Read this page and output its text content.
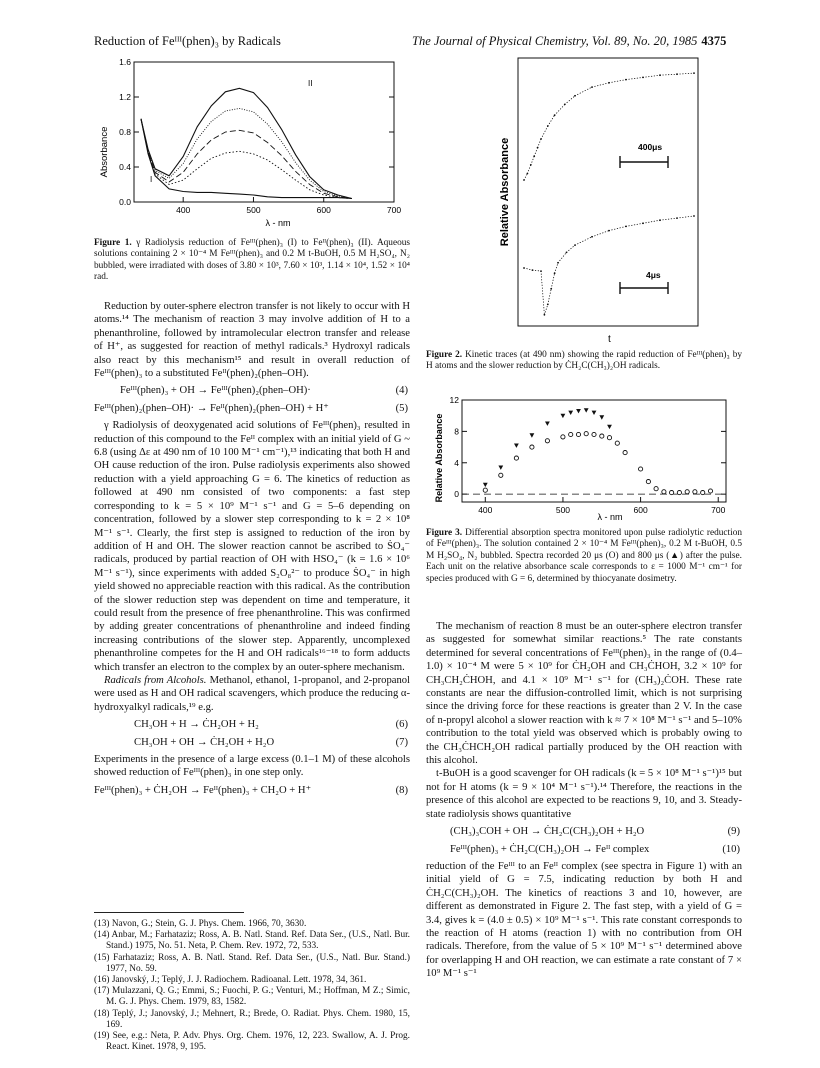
Reduction of Feᴵᴵᴵ(phen)₃ by Radicals	The Journal of Physical Chemistry, Vol. 89, No. 20, 1985 4375
0.0
0.4
0.8
1.2
1.6
400	500	600	700
Absorbance
λ - nm
I
II
Figure 1. γ Radiolysis reduction of Feᴵᴵᴵ(phen)₃ (I) to Feᴵᴵ(phen)₃ (II). Aqueous solutions containing 2 × 10⁻⁴ M Feᴵᴵᴵ(phen)₃ and 0.2 M t-BuOH, 0.5 M H₂SO₄, N₂ bubbled, were irradiated with doses of 3.80 × 10³, 7.60 × 10³, 1.14 × 10⁴, 1.52 × 10⁴ rad.

Reduction by outer-sphere electron transfer is not likely to occur with H atoms.¹⁴ The mechanism of reaction 3 may involve addition of H to a phenanthroline, followed by intramolecular electron transfer and release of H⁺, as suggested for reaction of methyl radicals.³ Hydroxyl radicals also react by this mechanism¹⁵ and result in overall reduction of Feᴵᴵᴵ(phen)₃ to a substituted Feᴵᴵ(phen)₂(phen–OH).

Feᴵᴵᴵ(phen)₃ + OH → Feᴵᴵᴵ(phen)₂(phen–OH)·	(4)
Feᴵᴵᴵ(phen)₂(phen–OH)· → Feᴵᴵ(phen)₂(phen–OH) + H⁺	(5)

γ Radiolysis of deoxygenated acid solutions of Feᴵᴵᴵ(phen)₃ resulted in reduction of this compound to the Feᴵᴵ complex with an initial yield of G ~ 6.8 (using Δε at 490 nm of 10 100 M⁻¹ cm⁻¹),¹³ indicating that both H and OH cause reduction of the iron. Pulse radiolysis experiments also showed reduction with a yield approaching G = 6. The kinetics of reduction as followed at 490 nm consisted of two components: a fast step corresponding to k = 5 × 10⁹ M⁻¹ s⁻¹ and G = 5–6 depending on concentration, followed by a slower step corresponding to k = 2 × 10⁸ M⁻¹ s⁻¹. Clearly, the first step is assigned to reduction of the iron by addition of H and OH. The slower reaction cannot be ascribed to ṠO₄⁻ radicals, produced by partial reaction of OH with HSO₄⁻ (k = 1.6 × 10⁶ M⁻¹ s⁻¹), since experiments with added S₂O₈²⁻ to produce ṠO₄⁻ in high yield showed no appreciable reaction with this radical. As the contribution of the slower reduction step was dependent on time and temperature, it could result from the presence of free phenanthroline. This was confirmed by adding greater concentrations of phenanthroline and indeed finding increasing contributions of the slower step. Apparently, uncomplexed phenanthroline competes for the H and OH radicals¹⁶⁻¹⁸ to form adducts which transfer an electron to the complex by an outer-sphere mechanism.

Radicals from Alcohols. Methanol, ethanol, 1-propanol, and 2-propanol were used as H and OH radical scavengers, which produce the reducing α-hydroxyalkyl radicals,¹⁹ e.g.

CH₃OH + H → ĊH₂OH + H₂	(6)
CH₃OH + OH → ĊH₂OH + H₂O	(7)

Experiments in the presence of a large excess (0.1–1 M) of these alcohols showed reduction of Feᴵᴵᴵ(phen)₃ in one step only.

Feᴵᴵᴵ(phen)₃ + ĊH₂OH → Feᴵᴵ(phen)₃ + CH₂O + H⁺	(8)
(13) Navon, G.; Stein, G. J. Phys. Chem. 1966, 70, 3630.
(14) Anbar, M.; Farhataziz; Ross, A. B. Natl. Stand. Ref. Data Ser., (U.S., Natl. Bur. Stand.) 1975, No. 51. Neta, P. Chem. Rev. 1972, 72, 533.
(15) Farhataziz; Ross, A. B. Natl. Stand. Ref. Data Ser., (U.S., Natl. Bur. Stand.) 1977, No. 59.
(16) Janovský, J.; Teplý, J. J. Radiochem. Radioanal. Lett. 1978, 34, 361.
(17) Mulazzani, Q. G.; Emmi, S.; Fuochi, P. G.; Venturi, M.; Hoffman, M Z.; Simic, M. G. J. Phys. Chem. 1979, 83, 1582.
(18) Teplý, J.; Janovský, J.; Mehnert, R.; Brede, O. Radiat. Phys. Chem. 1980, 15, 169.
(19) See, e.g.: Neta, P. Adv. Phys. Org. Chem. 1976, 12, 223. Swallow, A. J. Prog. React. Kinet. 1978, 9, 195.
Relative Absorbance	400μs
4μs
t
Figure 2. Kinetic traces (at 490 nm) showing the rapid reduction of Feᴵᴵᴵ(phen)₃ by H atoms and the slower reduction by ĊH₂C(CH₃)₂OH radicals.
0
4
8
12
400	500	600	700
Relative Absorbance
λ - nm
Figure 3. Differential absorption spectra monitored upon pulse radiolytic reduction of Feᴵᴵᴵ(phen)₃. The solution contained 2 × 10⁻⁴ M Feᴵᴵᴵ(phen)₃, 0.2 M t-BuOH, 0.5 M H₂SO₄, N₂ bubbled. Spectra recorded 20 μs (O) and 800 μs (▲) after the pulse. Each unit on the relative absorbance scale corresponds to ε = 1000 M⁻¹ cm⁻¹ for species produced with G = 6, determined by thiocyanate dosimetry.

The mechanism of reaction 8 must be an outer-sphere electron transfer as suggested for somewhat similar reactions.⁵ The rate constants determined for several concentrations of Feᴵᴵᴵ(phen)₃ in the range of (0.4–1.0) × 10⁻⁴ M were 5 × 10⁹ for ĊH₂OH and CH₃ĊHOH, 3.2 × 10⁹ for CH₃CH₂ĊHOH, and 4.1 × 10⁹ M⁻¹ s⁻¹ for (CH₃)₂ĊOH. These rate constants are near the diffusion-controlled limit, which is not surprising since the driving force for these reactions is greater than 2 V. In the case of n-propyl alcohol a slower reaction with k ≈ 7 × 10⁸ M⁻¹ s⁻¹ and 5–10% contribution to the total yield was observed which is probably owing to the CH₃ĊHCH₂OH radical partially produced by the OH reaction with this alcohol.

t-BuOH is a good scavenger for OH radicals (k = 5 × 10⁸ M⁻¹ s⁻¹)¹⁵ but not for H atoms (k = 9 × 10⁴ M⁻¹ s⁻¹).¹⁴ Therefore, the reactions in the presence of this alcohol are expected to be reactions 9, 10, and 3. Steady-state radiolysis shows quantitative

(CH₃)₃COH + OH → ĊH₂C(CH₃)₂OH + H₂O	(9)
Feᴵᴵᴵ(phen)₃ + ĊH₂C(CH₃)₂OH → Feᴵᴵ complex	(10)

reduction of the Feᴵᴵᴵ to an Feᴵᴵ complex (see spectra in Figure 1) with an initial yield of G = 7.5, indicating reduction by both H and ĊH₂C(CH₃)₂OH. The kinetics of reactions 3 and 10, however, are different as demonstrated in Figure 2. The fast step, with a yield of G = 3.4, gives k = (4.0 ± 0.5) × 10⁹ M⁻¹ s⁻¹. This rate constant corresponds to the reaction of H atoms (reaction 1) with no contribution from OH radicals. Therefore, from the value of 5 × 10⁹ M⁻¹ s⁻¹ determined above for overlapping H and OH reaction, we can estimate a rate constant of 7 × 10⁹ M⁻¹ s⁻¹
